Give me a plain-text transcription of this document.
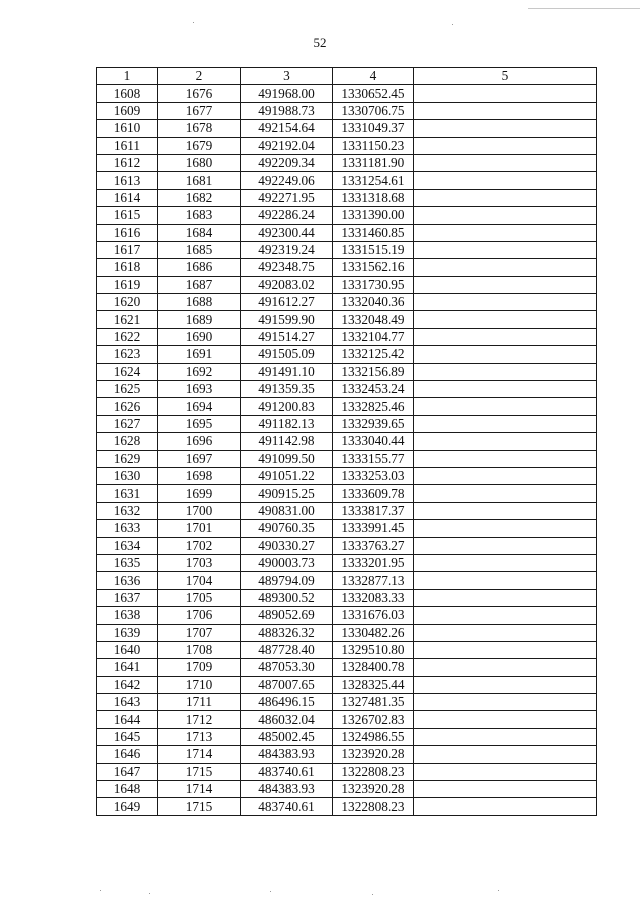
52
1	2	3	4	5
1608	1676	491968.00	1330652.45	
1609	1677	491988.73	1330706.75	
1610	1678	492154.64	1331049.37	
1611	1679	492192.04	1331150.23	
1612	1680	492209.34	1331181.90	
1613	1681	492249.06	1331254.61	
1614	1682	492271.95	1331318.68	
1615	1683	492286.24	1331390.00	
1616	1684	492300.44	1331460.85	
1617	1685	492319.24	1331515.19	
1618	1686	492348.75	1331562.16	
1619	1687	492083.02	1331730.95	
1620	1688	491612.27	1332040.36	
1621	1689	491599.90	1332048.49	
1622	1690	491514.27	1332104.77	
1623	1691	491505.09	1332125.42	
1624	1692	491491.10	1332156.89	
1625	1693	491359.35	1332453.24	
1626	1694	491200.83	1332825.46	
1627	1695	491182.13	1332939.65	
1628	1696	491142.98	1333040.44	
1629	1697	491099.50	1333155.77	
1630	1698	491051.22	1333253.03	
1631	1699	490915.25	1333609.78	
1632	1700	490831.00	1333817.37	
1633	1701	490760.35	1333991.45	
1634	1702	490330.27	1333763.27	
1635	1703	490003.73	1333201.95	
1636	1704	489794.09	1332877.13	
1637	1705	489300.52	1332083.33	
1638	1706	489052.69	1331676.03	
1639	1707	488326.32	1330482.26	
1640	1708	487728.40	1329510.80	
1641	1709	487053.30	1328400.78	
1642	1710	487007.65	1328325.44	
1643	1711	486496.15	1327481.35	
1644	1712	486032.04	1326702.83	
1645	1713	485002.45	1324986.55	
1646	1714	484383.93	1323920.28	
1647	1715	483740.61	1322808.23	
1648	1714	484383.93	1323920.28	
1649	1715	483740.61	1322808.23	
